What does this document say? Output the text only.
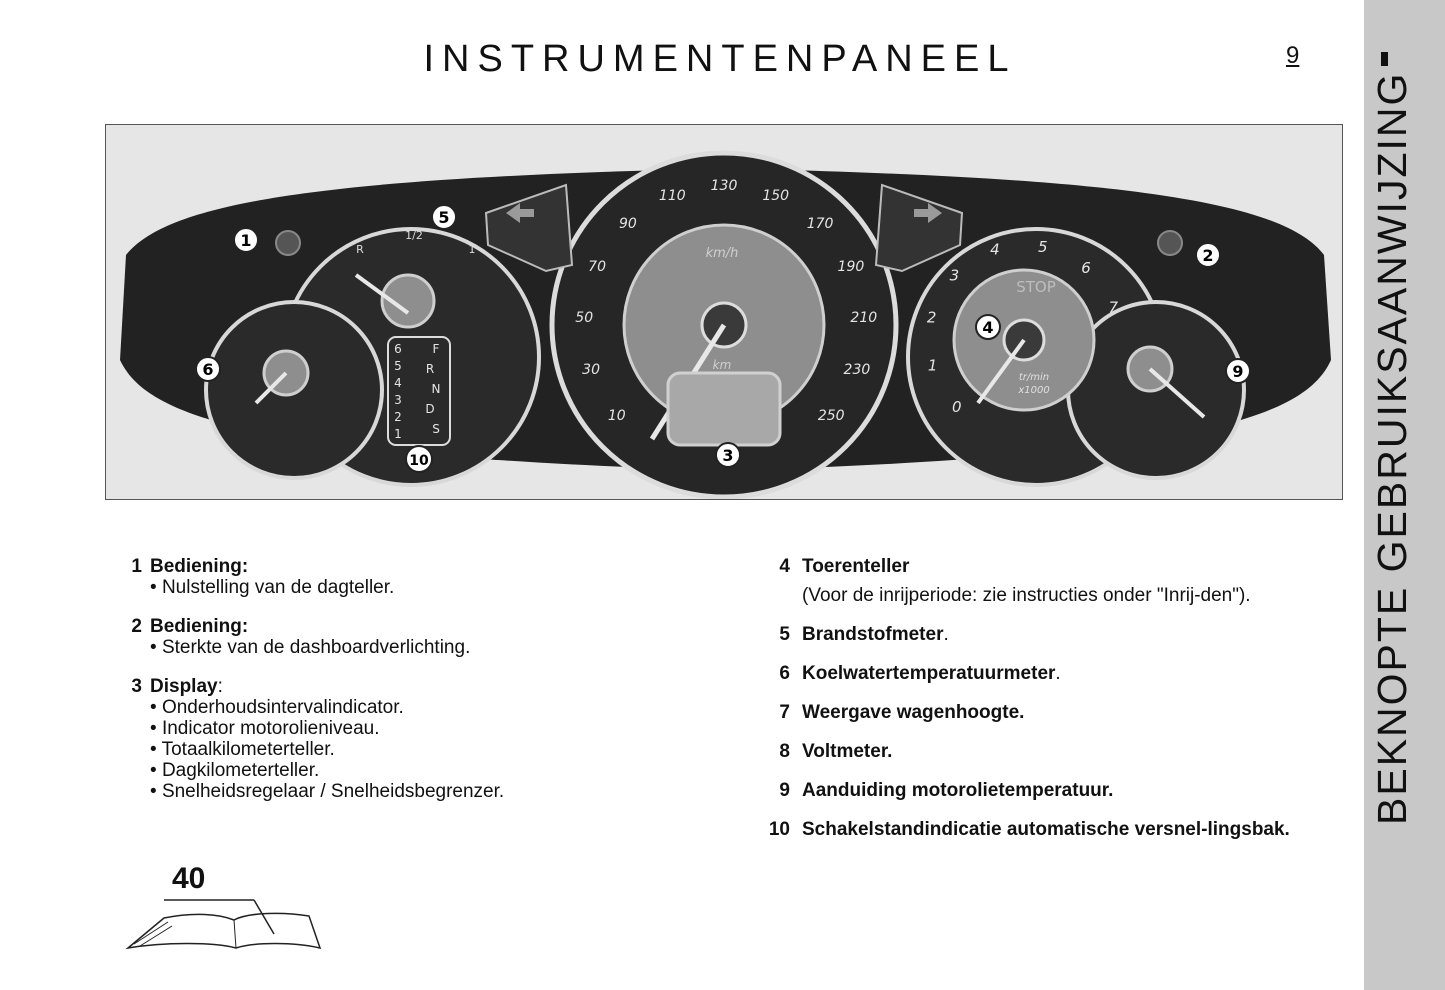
INSTRUMENTENPANEEL	9
BEKNOPTE GEBRUIKSAANWIJZING
km/h
km
10
30
50
70
90
110
130
150
170
190
210
230
250
STOP
tr/min
x1000
0
1
2
3
4	5
6
7
R
1/2
1
6
5
4
3
2
1
F
R
N
D
S
1
2
3
4
5
6	9
10
1 Bediening:
• Nulstelling van de dagteller.
2 Bediening:
• Sterkte van de dashboardverlichting.
3 Display:
• Onderhoudsintervalindicator.
• Indicator motorolieniveau.
• Totaalkilometerteller.
• Dagkilometerteller.
• Snelheidsregelaar / Snelheidsbegrenzer.
4 Toerenteller
(Voor de inrijperiode: zie instructies onder "Inrij-den").
5 Brandstofmeter.
6 Koelwatertemperatuurmeter.
7 Weergave wagenhoogte.
8 Voltmeter.
9 Aanduiding motorolietemperatuur.
10 Schakelstandindicatie automatische versnel-lingsbak.
40
